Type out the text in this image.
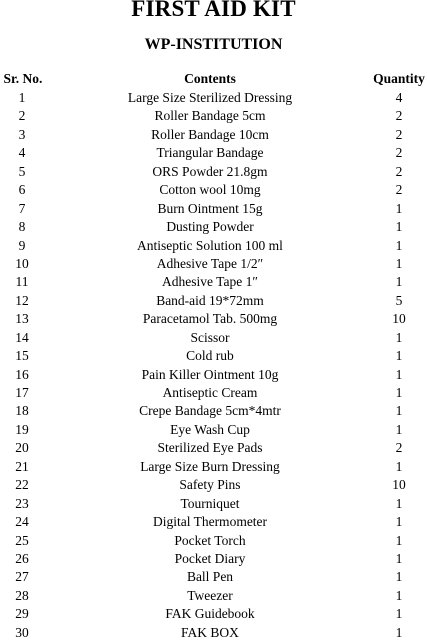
FIRST AID KIT
WP-INSTITUTION
Sr. No.	Contents	Quantity
1	Large Size Sterilized Dressing	4
2	Roller Bandage 5cm	2
3	Roller Bandage 10cm	2
4	Triangular Bandage	2
5	ORS Powder 21.8gm	2
6	Cotton wool 10mg	2
7	Burn Ointment 15g	1
8	Dusting Powder	1
9	Antiseptic Solution 100 ml	1
10	Adhesive Tape 1/2″	1
11	Adhesive Tape 1″	1
12	Band-aid 19*72mm	5
13	Paracetamol Tab. 500mg	10
14	Scissor	1
15	Cold rub	1
16	Pain Killer Ointment 10g	1
17	Antiseptic Cream	1
18	Crepe Bandage 5cm*4mtr	1
19	Eye Wash Cup	1
20	Sterilized Eye Pads	2
21	Large Size Burn Dressing	1
22	Safety Pins	10
23	Tourniquet	1
24	Digital Thermometer	1
25	Pocket Torch	1
26	Pocket Diary	1
27	Ball Pen	1
28	Tweezer	1
29	FAK Guidebook	1
30	FAK BOX	1
